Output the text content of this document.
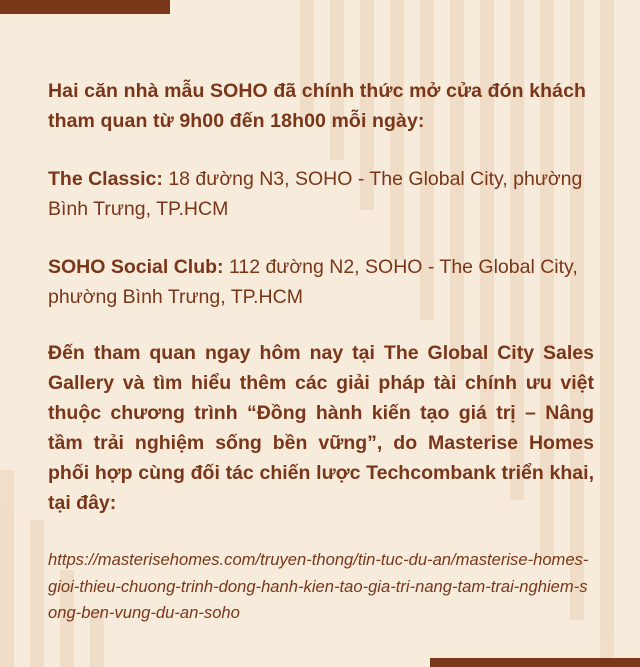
Hai căn nhà mẫu SOHO đã chính thức mở cửa đón khách tham quan từ 9h00 đến 18h00 mỗi ngày:

The Classic: 18 đường N3, SOHO - The Global City, phường Bình Trưng, TP.HCM

SOHO Social Club: 112 đường N2, SOHO - The Global City, phường Bình Trưng, TP.HCM

Đến tham quan ngay hôm nay tại The Global City Sales Gallery và tìm hiểu thêm các giải pháp tài chính ưu việt thuộc chương trình “Đồng hành kiến tạo giá trị – Nâng tầm trải nghiệm sống bền vững”, do Masterise Homes phối hợp cùng đối tác chiến lược Techcombank triển khai, tại đây:

https://masterisehomes.com/truyen-thong/tin-tuc-du-an/masterise-homes-gioi-thieu-chuong-trinh-dong-hanh-kien-tao-gia-tri-nang-tam-trai-nghiem-song-ben-vung-du-an-soho
